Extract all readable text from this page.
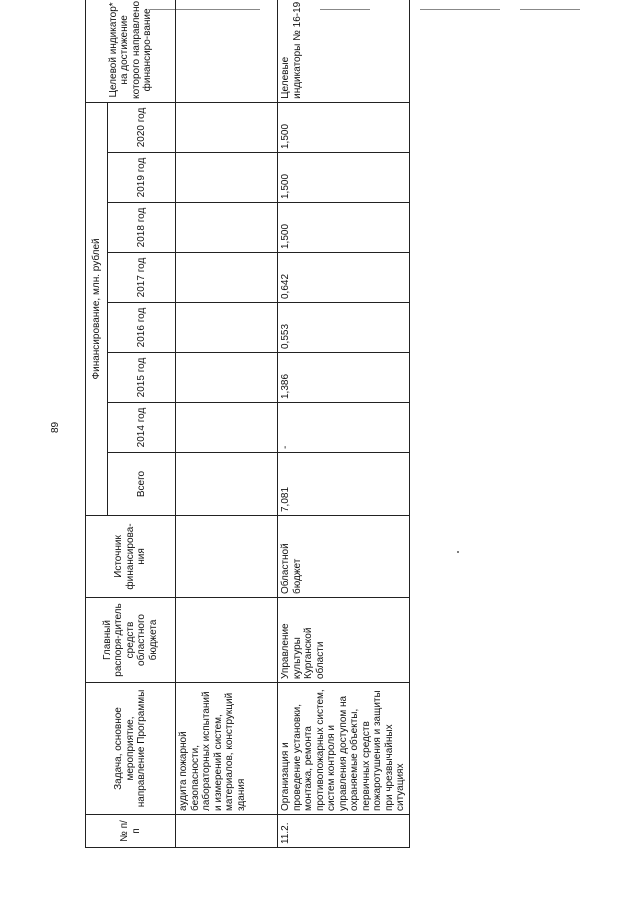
89
№ п/п	Задача, основное мероприятие, направление Программы	Главный распоря-дитель средств областного бюджета	Источник финансирова-ния	Финансирование, млн. рублей								Целевой индикатор* на достижение которого направлено финансиро-вание
				Всего	2014 год	2015 год	2016 год	2017 год	2018 год	2019 год	2020 год	
	аудита пожарной безопасности, лабораторных испытаний и измерений систем, материалов, конструкций здания											
11.2.	Организация и проведение установки, монтажа, ремонта противопожарных систем, систем контроля и управления доступом на охраняемые объекты, первичных средств пожаротушения и защиты при чрезвычайных ситуациях	Управление культуры Курганской области	Областной бюджет	7,081	-	1,386	0,553	0,642	1,500	1,500	1,500	Целевые индикаторы № 16-19
